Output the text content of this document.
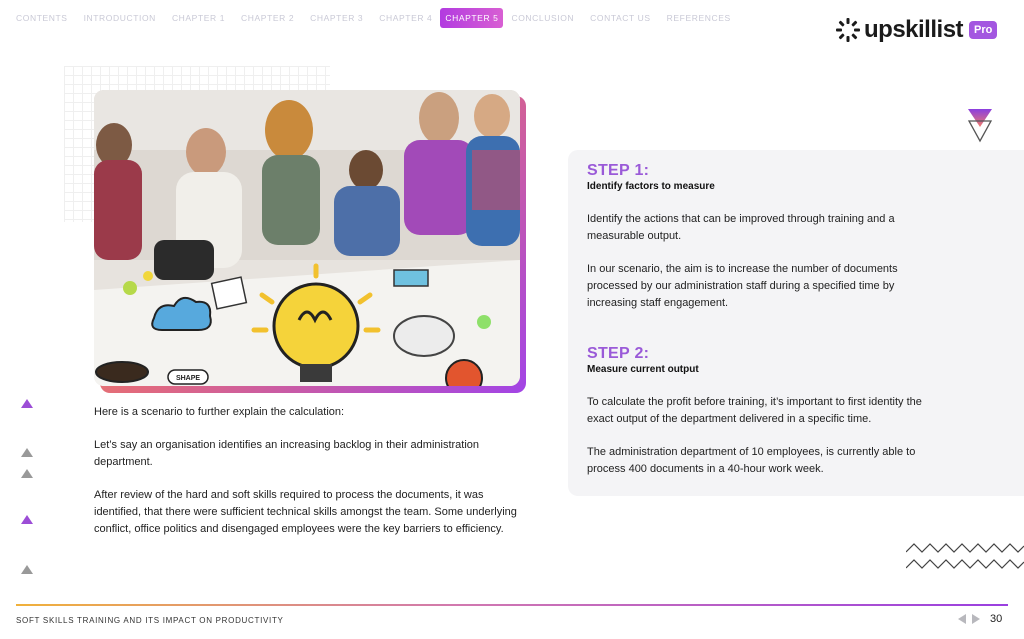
CONTENTS	INTRODUCTION	CHAPTER 1	CHAPTER 2	CHAPTER 3	CHAPTER 4	CHAPTER 5	CONCLUSION	CONTACT US	REFERENCES	upskillist	Pro
SHAPE
Here is a scenario to further explain the calculation:
Let’s say an organisation identifies an increasing backlog in their administration department.
After review of the hard and soft skills required to process the documents, it was identified, that there were sufficient technical skills amongst the team. Some underlying conflict, office politics and disengaged employees were the key barriers to efficiency.
STEP 1:
Identify factors to measure
Identify the actions that can be improved through training and a measurable output.
In our scenario, the aim is to increase the number of documents processed by our administration staff during a specified time by increasing staff engagement.
STEP 2:
Measure current output
To calculate the profit before training, it’s important to first identity the exact output of the department delivered in a specific time.
The administration department of 10 employees, is currently able to process 400 documents in a 40-hour work week.
SOFT SKILLS TRAINING AND ITS IMPACT ON PRODUCTIVITY	30
